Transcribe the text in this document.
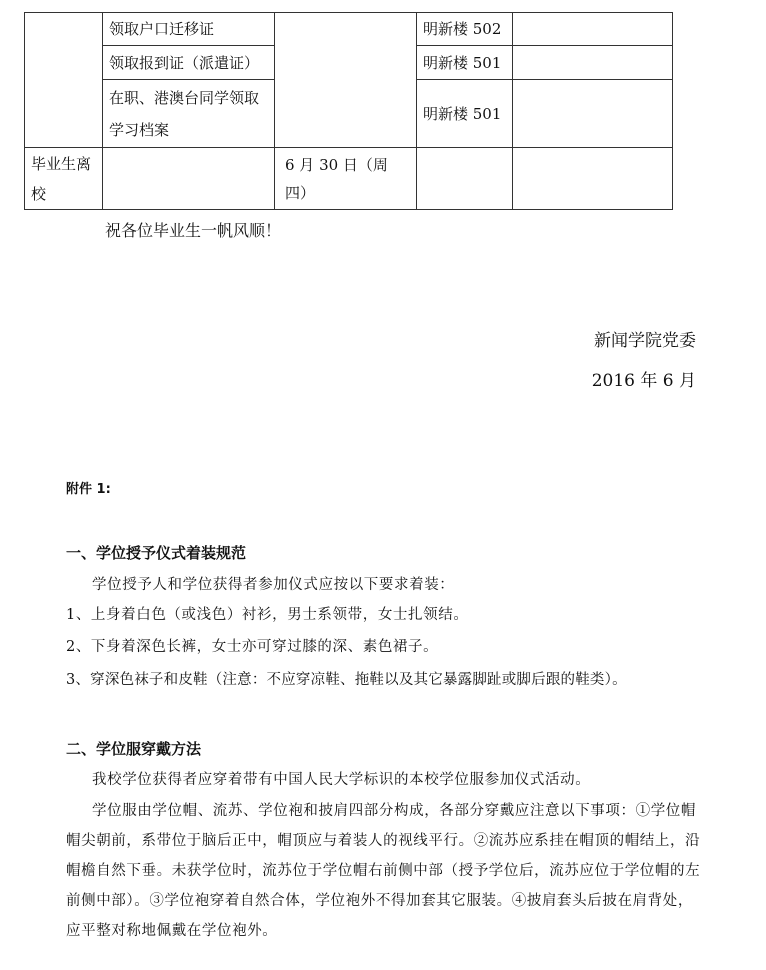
	领取户口迁移证		明新楼 502	
	领取报到证（派遣证）		明新楼 501	
	在职、港澳台同学领取学习档案		明新楼 501	
毕业生离校		6 月 30 日（周四）		
祝各位毕业生一帆风顺！
新闻学院党委
2016 年 6 月
附件 1:
一、学位授予仪式着装规范
学位授予人和学位获得者参加仪式应按以下要求着装：
1、上身着白色（或浅色）衬衫，男士系领带，女士扎领结。
2、下身着深色长裤，女士亦可穿过膝的深、素色裙子。
3、穿深色袜子和皮鞋（注意：不应穿凉鞋、拖鞋以及其它暴露脚趾或脚后跟的鞋类）。
二、学位服穿戴方法
我校学位获得者应穿着带有中国人民大学标识的本校学位服参加仪式活动。
学位服由学位帽、流苏、学位袍和披肩四部分构成，各部分穿戴应注意以下事项：①学位帽帽尖朝前，系带位于脑后正中，帽顶应与着装人的视线平行。②流苏应系挂在帽顶的帽结上，沿帽檐自然下垂。未获学位时，流苏位于学位帽右前侧中部（授予学位后，流苏应位于学位帽的左前侧中部）。③学位袍穿着自然合体，学位袍外不得加套其它服装。④披肩套头后披在肩背处，应平整对称地佩戴在学位袍外。
